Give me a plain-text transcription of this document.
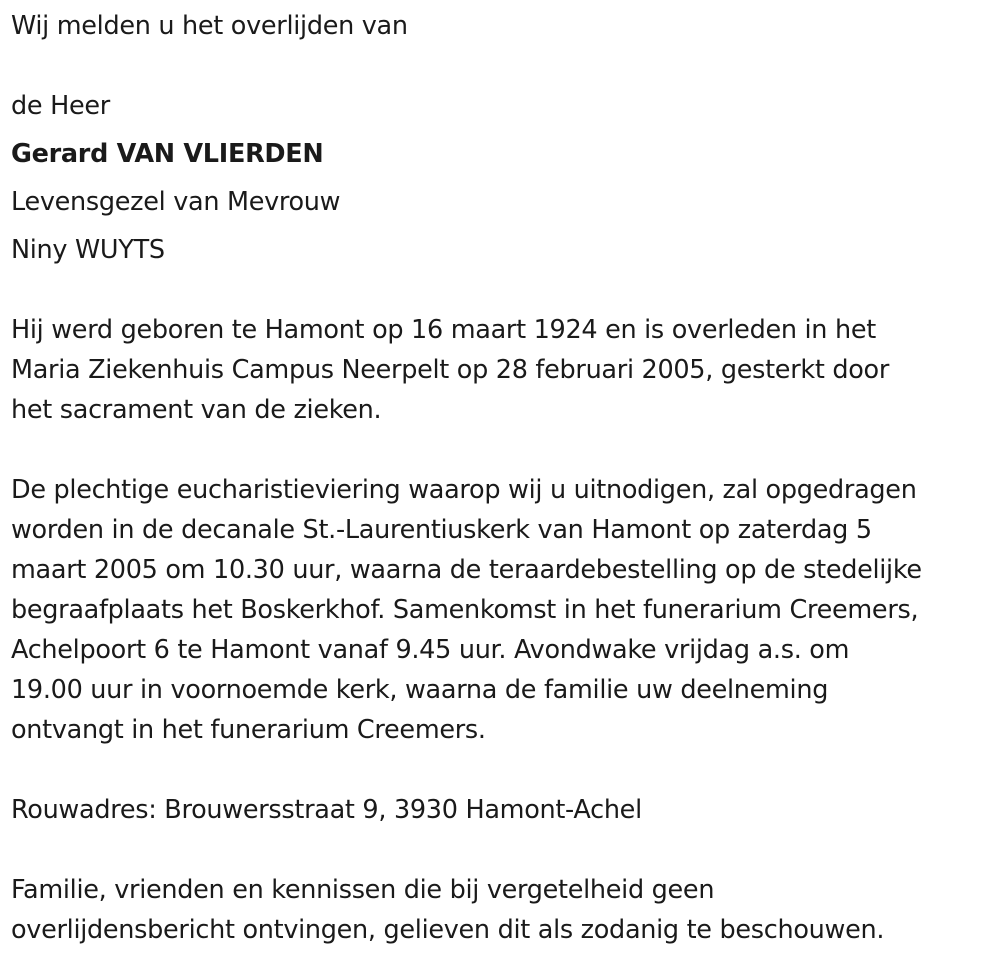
Wij melden u het overlijden van
de Heer
Gerard VAN VLIERDEN
Levensgezel van Mevrouw
Niny WUYTS
Hij werd geboren te Hamont op 16 maart 1924 en is overleden in het
Maria Ziekenhuis Campus Neerpelt op 28 februari 2005, gesterkt door
het sacrament van de zieken.
De plechtige eucharistieviering waarop wij u uitnodigen, zal opgedragen
worden in de decanale St.-Laurentiuskerk van Hamont op zaterdag 5
maart 2005 om 10.30 uur, waarna de teraardebestelling op de stedelijke
begraafplaats het Boskerkhof. Samenkomst in het funerarium Creemers,
Achelpoort 6 te Hamont vanaf 9.45 uur. Avondwake vrijdag a.s. om
19.00 uur in voornoemde kerk, waarna de familie uw deelneming
ontvangt in het funerarium Creemers.
Rouwadres: Brouwersstraat 9, 3930 Hamont-Achel
Familie, vrienden en kennissen die bij vergetelheid geen
overlijdensbericht ontvingen, gelieven dit als zodanig te beschouwen.
